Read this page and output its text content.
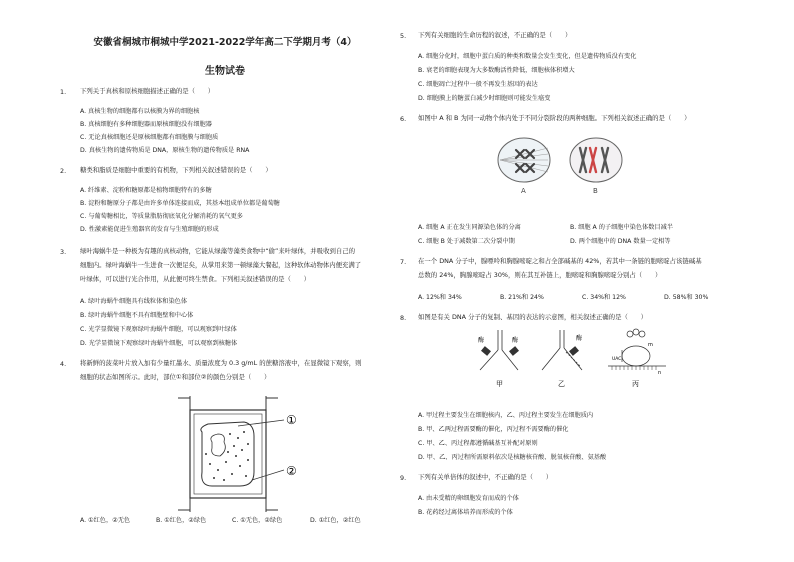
安徽省桐城市桐城中学2021-2022学年高二下学期月考（4）
生物试卷
1. 下列关于真核和原核细胞描述正确的是（　　）
A. 真核生物的细胞都有以核膜为界的细胞核
B. 真核细胞有多种细胞器而原核细胞没有细胞器
C. 无论真核细胞还是原核细胞都有细胞膜与细胞质
D. 真核生物的遗传物质是 DNA，原核生物的遗传物质是 RNA
2. 糖类和脂质是细胞中重要的有机物，下列相关叙述错误的是（　　）
A. 纤维素、淀粉和糖原都是植物细胞特有的多糖
B. 淀粉和糖原分子都是由许多单体连接而成，其基本组成单位都是葡萄糖
C. 与葡萄糖相比，等质量脂肪彻底氧化分解消耗的氧气更多
D. 性激素能促进生殖器官的发育与生殖细胞的形成
3. 绿叶海蜗牛是一种极为有趣的真核动物，它能从绿藻等藻类食物中“偷”来叶绿体，并吸收到自己的
细胞内。绿叶海蜗牛一生进食一次便足矣，从掌用来第一顿绿藻大餐起，这种软体动物体内便充满了
叶绿体，可以进行光合作用，从此便可终生禁食。下列相关叙述错误的是（　　）
A. 绿叶海蜗牛细胞具有线粒体和染色体
B. 绿叶海蜗牛细胞不具有细胞壁和中心体
C. 光学显微镜下观察绿叶海蜗牛细胞，可以观察到叶绿体
D. 光学显微镜下观察绿叶海蜗牛细胞，可以观察到核糖体
4. 将新鲜的菠菜叶片放入加有少量红墨水、质量浓度为 0.3 g/mL 的蔗糖溶液中，在显微镜下观察，则
细胞的状态如图所示。此时，部位①和部位②的颜色分别是（　　）
①
②
A. ①红色，②无色	B. ①红色，②绿色	C. ①无色，②绿色	D. ①红色，②红色
5. 下列有关细胞的生命历程的叙述，不正确的是（　　）
A. 细胞分化时，细胞中蛋白质的种类和数量会发生变化，但是遗传物质没有变化
B. 衰老的细胞表现为大多数酶活性降低，细胞核体积增大
C. 细胞凋亡过程中一般不再发生基因的表达
D. 细胞膜上的糖蛋白减少时细胞则可能发生癌变
6. 如图中 A 和 B 为同一动物个体内处于不同分裂阶段的两种细胞。下列相关叙述正确的是（　　）
A	B
A. 细胞 A 正在发生同源染色体的分离	B. 细胞 A 的子细胞中染色体数目减半
C. 细胞 B 处于减数第二次分裂中期	D. 两个细胞中的 DNA 数量一定相等
7. 在一个 DNA 分子中，腺嘌呤和胸腺嘧啶之和占全部碱基的 42%，若其中一条链的胞嘧啶占该链碱基
总数的 24%，胸腺嘧啶占 30%，则在其互补链上，胞嘧啶和胸腺嘧啶分别占（　　）
A. 12%和 34%	B. 21%和 24%	C. 34%和 12%	D. 58%和 30%
8. 如图是有关 DNA 分子的复制、基因的表达的示意图，相关叙述正确的是（　　）
酶	酶
甲
酶
乙
UAC
m
n
丙
A. 甲过程主要发生在细胞核内，乙、丙过程主要发生在细胞质内
B. 甲、乙两过程需要酶的催化，丙过程不需要酶的催化
C. 甲、乙、丙过程都遵循碱基互补配对原则
D. 甲、乙、丙过程所需原料依次是核糖核苷酸、脱氧核苷酸、氨基酸
9. 下列有关单倍体的叙述中，不正确的是（　　）
A. 由未受精的卵细胞发育而成的个体
B. 花药经过离体培养而形成的个体
